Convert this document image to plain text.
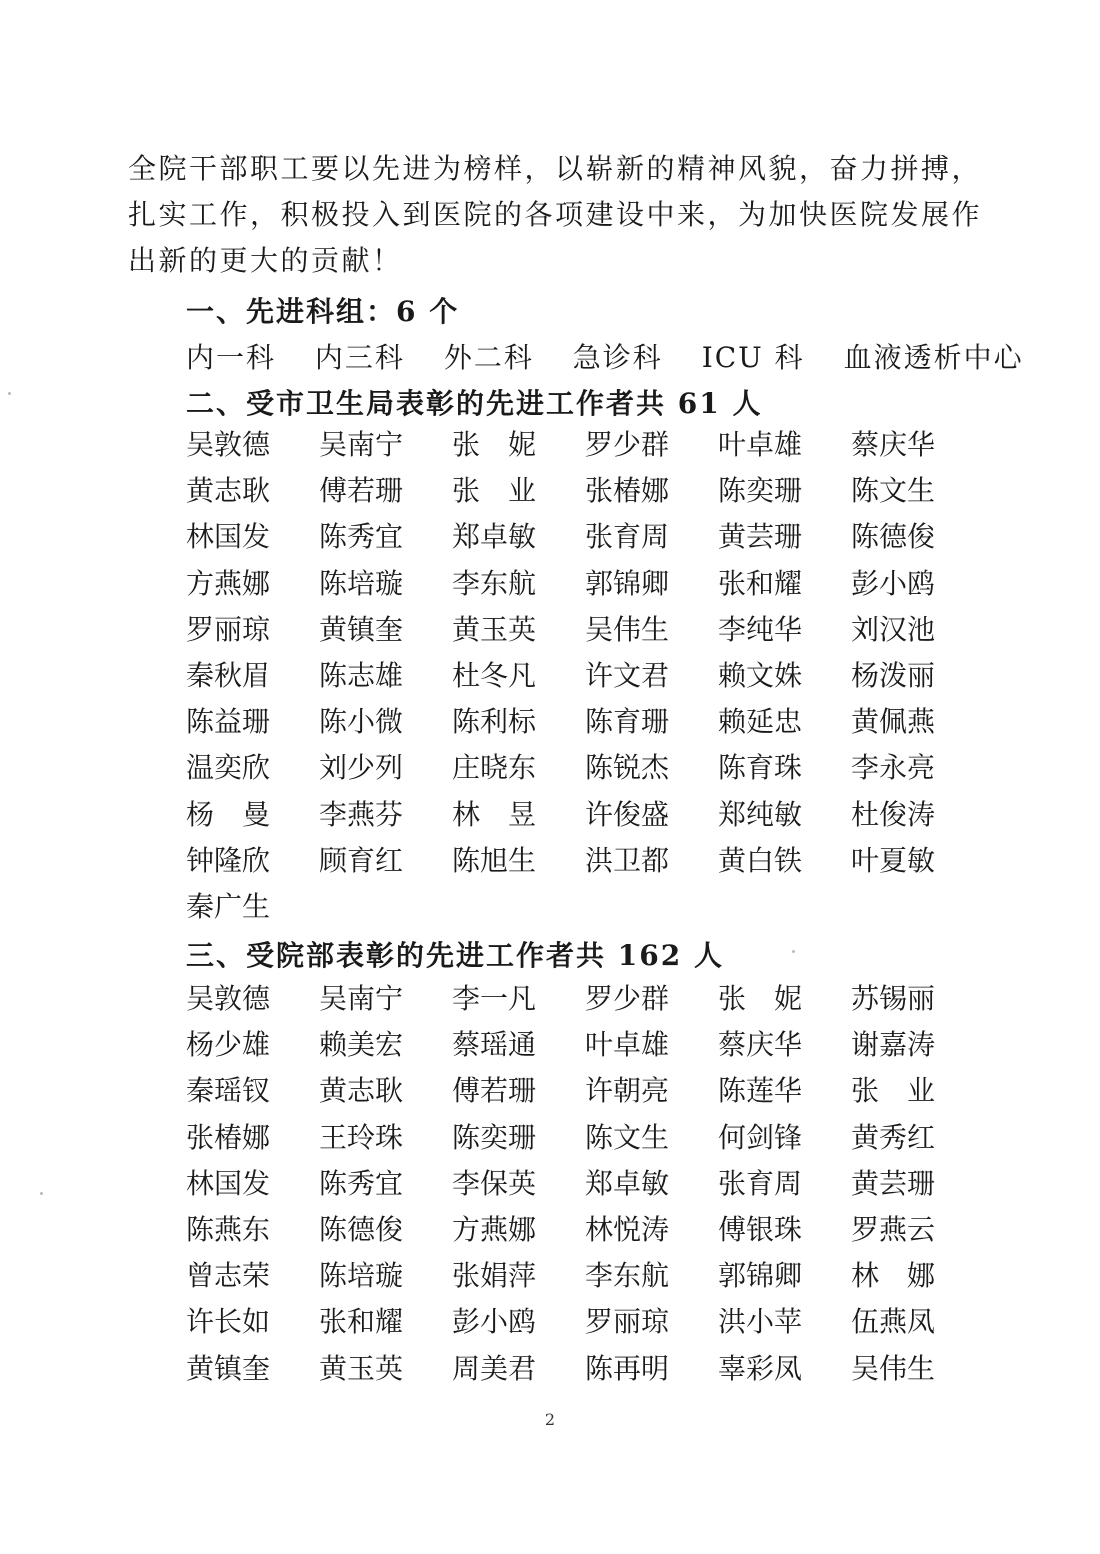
全院干部职工要以先进为榜样，以崭新的精神风貌，奋力拼搏，
扎实工作，积极投入到医院的各项建设中来，为加快医院发展作
出新的更大的贡献！
一、先进科组：6 个
内一科 内三科 外二科 急诊科 ICU 科 血液透析中心
二、受市卫生局表彰的先进工作者共 61 人
吴敦德 吴南宁 张　妮 罗少群 叶卓雄 蔡庆华黄志耿 傅若珊 张　业 张椿娜 陈奕珊 陈文生林国发 陈秀宜 郑卓敏 张育周 黄芸珊 陈德俊方燕娜 陈培璇 李东航 郭锦卿 张和耀 彭小鸥罗丽琼 黄镇奎 黄玉英 吴伟生 李纯华 刘汉池秦秋眉 陈志雄 杜冬凡 许文君 赖文姝 杨泼丽陈益珊 陈小微 陈利标 陈育珊 赖延忠 黄佩燕温奕欣 刘少列 庄晓东 陈锐杰 陈育珠 李永亮杨　曼 李燕芬 林　昱 许俊盛 郑纯敏 杜俊涛钟隆欣 顾育红 陈旭生 洪卫都 黄白铁 叶夏敏秦广生
三、受院部表彰的先进工作者共 162 人
吴敦德 吴南宁 李一凡 罗少群 张　妮 苏锡丽杨少雄 赖美宏 蔡瑶通 叶卓雄 蔡庆华 谢嘉涛秦瑶钗 黄志耿 傅若珊 许朝亮 陈莲华 张　业张椿娜 王玲珠 陈奕珊 陈文生 何剑锋 黄秀红林国发 陈秀宜 李保英 郑卓敏 张育周 黄芸珊陈燕东 陈德俊 方燕娜 林悦涛 傅银珠 罗燕云曾志荣 陈培璇 张娟萍 李东航 郭锦卿 林　娜许长如 张和耀 彭小鸥 罗丽琼 洪小苹 伍燕凤黄镇奎 黄玉英 周美君 陈再明 辜彩凤 吴伟生
2
